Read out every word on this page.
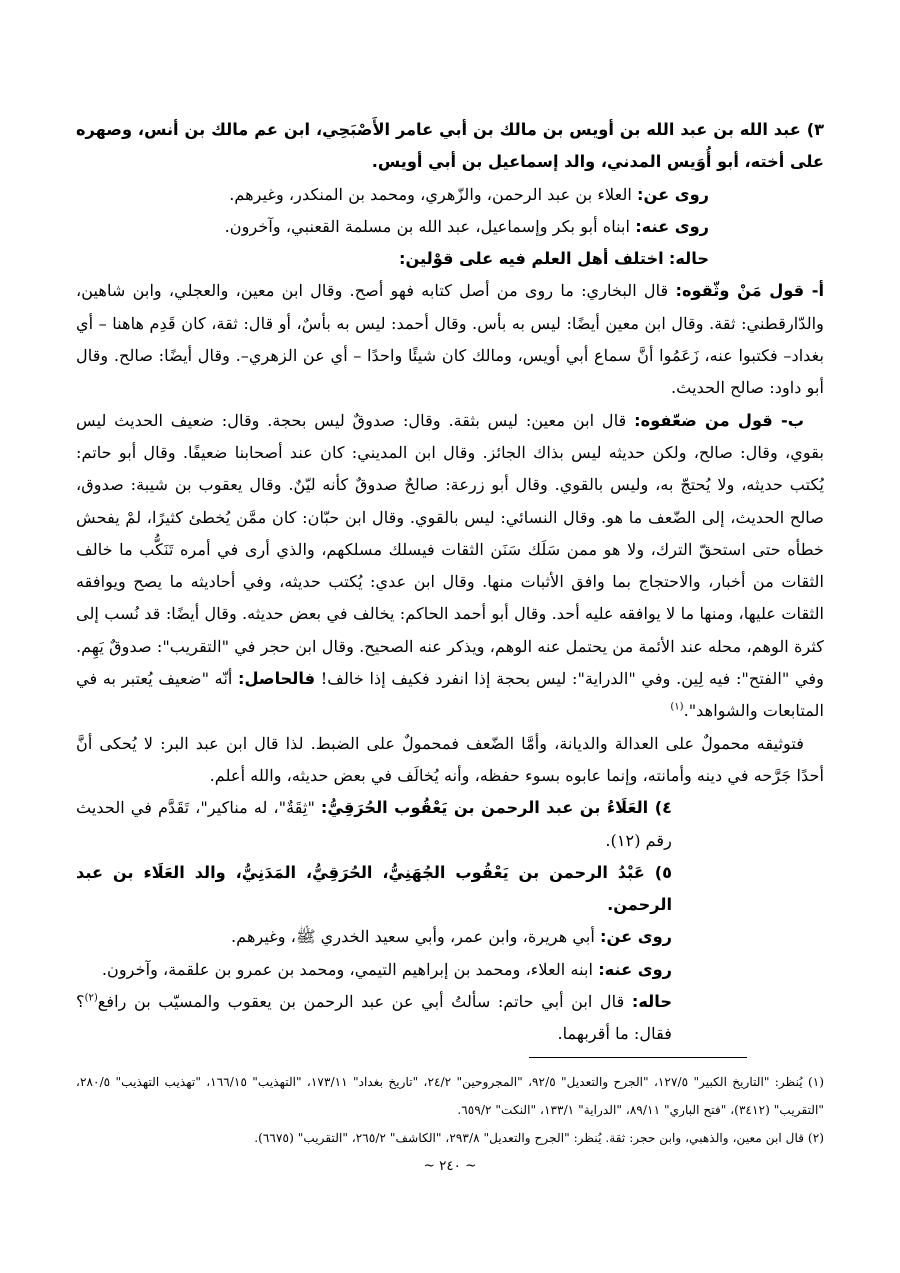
٣) عبد الله بن عبد الله بن أويس بن مالك بن أبي عامر الأَصْبَحِي، ابن عم مالك بن أنس، وصهره على أخته، أبو أُوَيس المدني، والد إسماعيل بن أبي أويس.

روى عن: العلاء بن عبد الرحمن، والزّهري، ومحمد بن المنكدر، وغيرهم.

روى عنه: ابناه أبو بكر وإسماعيل، عبد الله بن مسلمة القعنبي، وآخرون.

حاله: اختلف أهل العلم فيه على قوْلين:

أ- قول مَنْ وثّقوه: قال البخاري: ما روى من أصل كتابه فهو أصح. وقال ابن معين، والعجلي، وابن شاهين، والدّارقطني: ثقة. وقال ابن معين أيضًا: ليس به بأس. وقال أحمد: ليس به بأسٌ، أو قال: ثقة، كان قَدِم هاهنا – أي بغداد– فكتبوا عنه، زَعَمُوا أنَّ سماع أبي أويس، ومالك كان شيئًا واحدًا – أي عن الزهري–. وقال أيضًا: صالح. وقال أبو داود: صالح الحديث.

ب- قول من ضعّفوه: قال ابن معين: ليس بثقة. وقال: صدوقٌ ليس بحجة. وقال: ضعيف الحديث ليس بقوي، وقال: صالح، ولكن حديثه ليس بذاك الجائز. وقال ابن المديني: كان عند أصحابنا ضعيفًا. وقال أبو حاتم: يُكتب حديثه، ولا يُحتجّ به، وليس بالقوي. وقال أبو زرعة: صالحٌ صدوقٌ كأنه ليّنٌ. وقال يعقوب بن شيبة: صدوق، صالح الحديث، إلى الضّعف ما هو. وقال النسائي: ليس بالقوي. وقال ابن حبّان: كان ممَّن يُخطئ كثيرًا، لمْ يفحش خطأه حتى استحقّ الترك، ولا هو ممن سَلَك سَنَن الثقات فيسلك مسلكهم، والذي أرى في أمره تَنَكُّب ما خالف الثقات من أخبار، والاحتجاج بما وافق الأثبات منها. وقال ابن عدي: يُكتب حديثه، وفي أحاديثه ما يصح ويوافقه الثقات عليها، ومنها ما لا يوافقه عليه أحد. وقال أبو أحمد الحاكم: يخالف في بعض حديثه. وقال أيضًا: قد نُسب إلى كثرة الوهم، محله عند الأئمة من يحتمل عنه الوهم، ويذكر عنه الصحيح. وقال ابن حجر في "التقريب": صدوقٌ يَهِم. وفي "الفتح": فيه لِين. وفي "الدراية": ليس بحجة إذا انفرد فكيف إذا خالف! فالحاصل: أنّه "ضعيف يُعتبر به في المتابعات والشواهد".$^{(١)}$

فتوثيقه محمولٌ على العدالة والديانة، وأمَّا الضّعف فمحمولٌ على الضبط. لذا قال ابن عبد البر: لا يُحكى أنَّ أحدًا جَرَّحه في دينه وأمانته، وإنما عابوه بسوء حفظه، وأنه يُخالَف في بعض حديثه، والله أعلم.

٤) العَلَاءُ بن عبد الرحمن بن يَعْقُوب الحُرَقِيُّ: "ثِقَةٌ"، له مناكير"، تَقَدَّم في الحديث رقم (١٢).

٥) عَبْدُ الرحمن بن يَعْقُوب الجُهَنِيُّ، الحُرَقِيُّ، المَدَنِيُّ، والد العَلَاء بن عبد الرحمن.

روى عن: أبي هريرة، وابن عمر، وأبي سعيد الخدري ﷺ، وغيرهم.

روى عنه: ابنه العلاء، ومحمد بن إبراهيم التيمي، ومحمد بن عمرو بن علقمة، وآخرون.

حاله: قال ابن أبي حاتم: سألتُ أبي عن عبد الرحمن بن يعقوب والمسيّب بن رافع$^{(٢)}$؟ فقال: ما أقربهما.

(١) يُنظر: "التاريخ الكبير" ١٢٧/٥، "الجرح والتعديل" ٩٢/٥، "المجروحين" ٢٤/٢، "تاريخ بغداد" ١٧٣/١١، "التهذيب" ١٦٦/١٥، "تهذيب التهذيب" ٢٨٠/٥، "التقريب" (٣٤١٢)، "فتح الباري" ٨٩/١١، "الدراية" ١٣٣/١، "النكت" ٦٥٩/٢.

(٢) قال ابن معين، والذهبي، وابن حجر: ثقة. يُنظر: "الجرح والتعديل" ٢٩٣/٨، "الكاشف" ٢٦٥/٢، "التقريب" (٦٦٧٥).

~ ٢٤٠ ~
